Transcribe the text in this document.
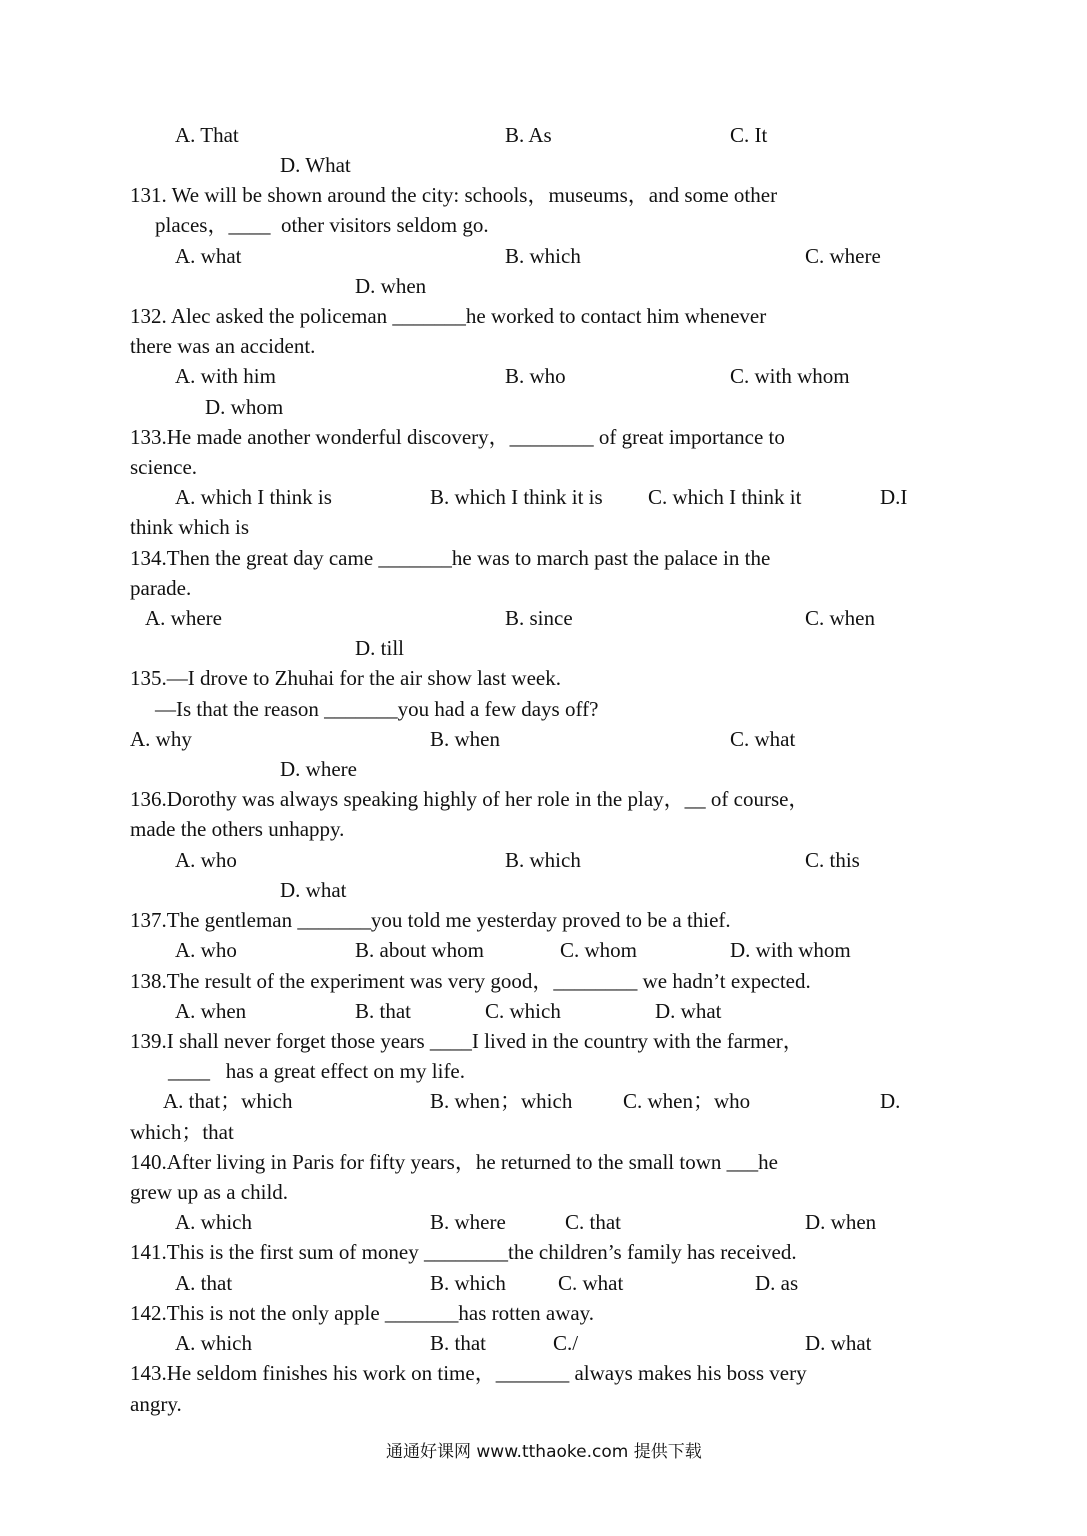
A. That	B. As	C. It
D. What
131. We will be shown around the city: schools，museums，and some other
places，____  other visitors seldom go.
A. what	B. which	C. where
D. when
132. Alec asked the policeman _______he worked to contact him whenever
there was an accident.
A. with him	B. who	C. with whom
D. whom
133.He made another wonderful discovery，________ of great importance to
science.
A. which I think is	B. which I think it is C. which I think it	D.I
think which is
134.Then the great day came _______he was to march past the palace in the
parade.
A. where	B. since	C. when
D. till
135.—I drove to Zhuhai for the air show last week.
—Is that the reason _______you had a few days off?
A. why	B. when	C. what
D. where
136.Dorothy was always speaking highly of her role in the play，__ of course，
made the others unhappy.
A. who	B. which	C. this
D. what
137.The gentleman _______you told me yesterday proved to be a thief.
A. who	B. about whom	C. whom	D. with whom
138.The result of the experiment was very good，________ we hadn’t expected.
A. when	B. that	C. which	D. what
139.I shall never forget those years ____I lived in the country with the farmer，
____   has a great effect on my life.
A. that；which	B. when；which C. when；who	D.
which；that
140.After living in Paris for fifty years，he returned to the small town ___he
grew up as a child.
A. which	B. where	C. that	D. when
141.This is the first sum of money ________the children’s family has received.
A. that	B. which C. what	D. as
142.This is not the only apple _______has rotten away.
A. which	B. that	C./	D. what
143.He seldom finishes his work on time，_______ always makes his boss very
angry.
通通好课网 www.tthaoke.com 提供下载
